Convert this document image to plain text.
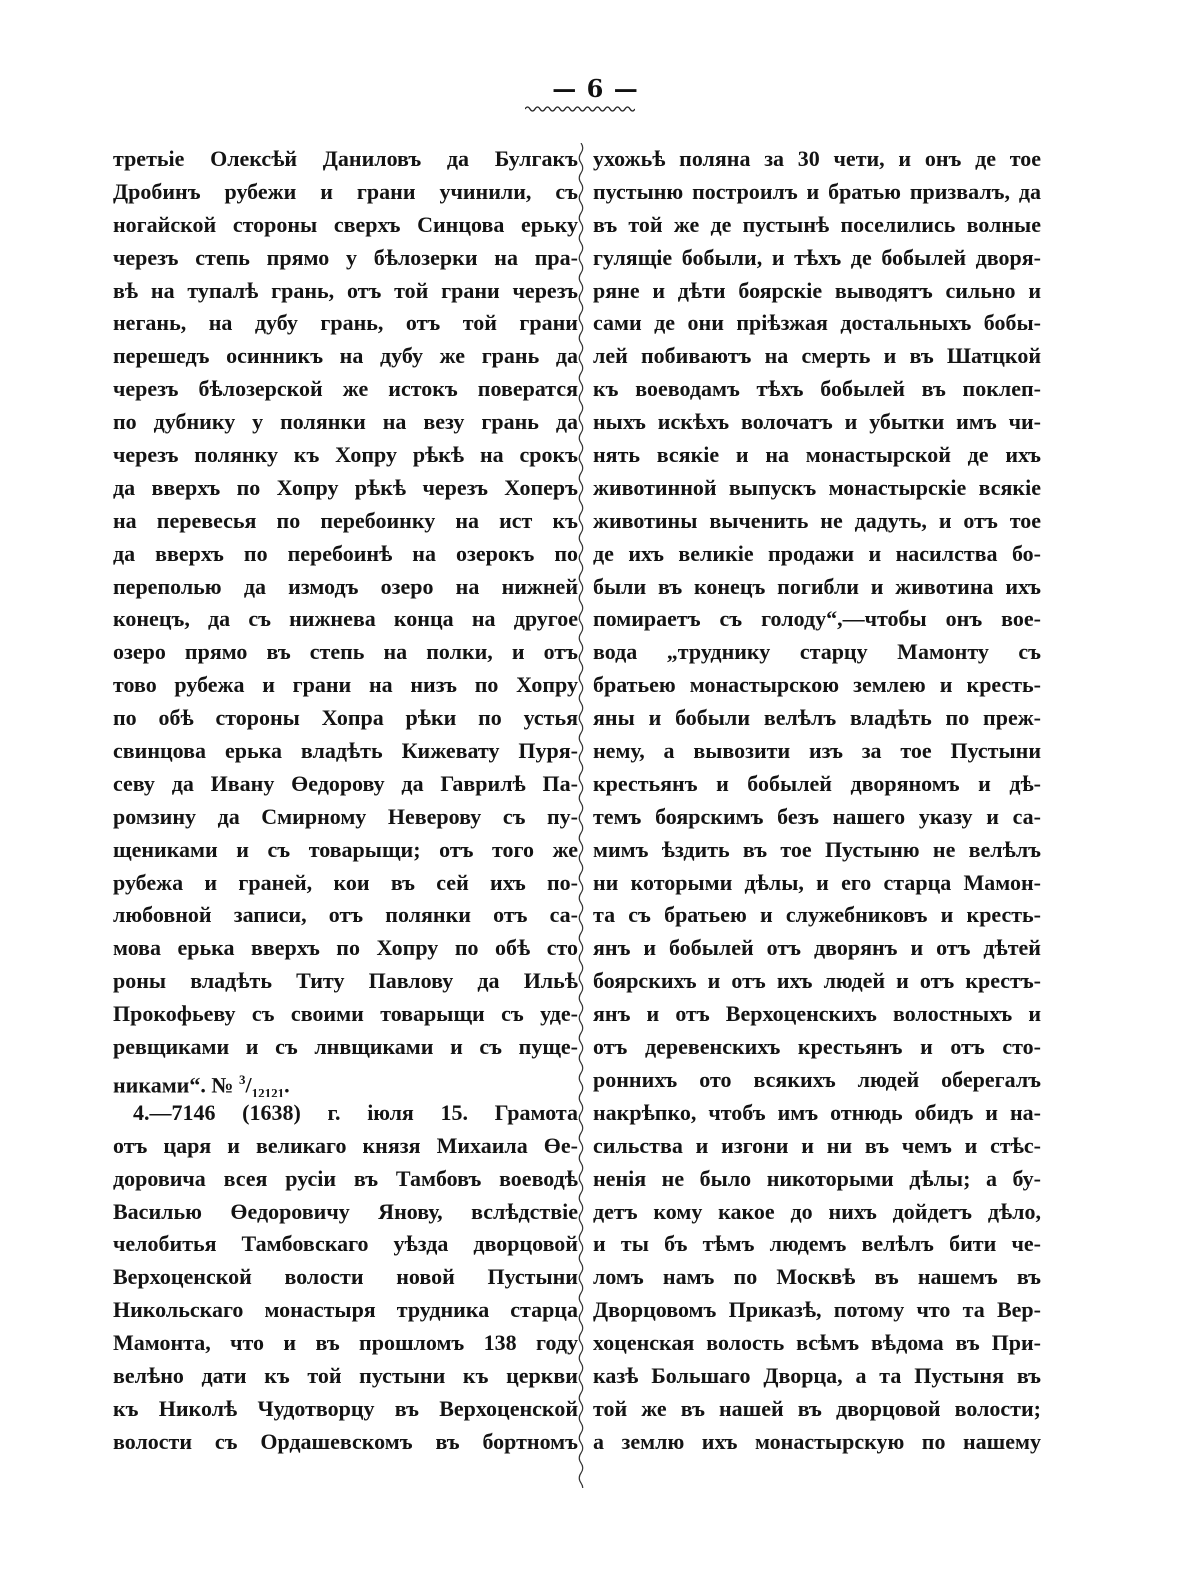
— 6 —
третьіе Олексѣй Даниловъ да Булгакъ
Дробинъ рубежи и грани учинили, съ
ногайской стороны сверхъ Синцова ерьку
черезъ степь прямо у бѣлозерки на пра-
вѣ на тупалѣ грань, отъ той грани черезъ
негань, на дубу грань, отъ той грани
перешедъ осинникъ на дубу же грань да
черезъ бѣлозерской же истокъ повератся
по дубнику у полянки на везу грань да
черезъ полянку къ Хопру рѣкѣ на срокъ
да вверхъ по Хопру рѣкѣ черезъ Хоперъ
на перевесья по перебоинку на ист къ
да вверхъ по перебоинѣ на озерокъ по
переполью да измодъ озеро на нижней
конецъ, да съ нижнева конца на другое
озеро прямо въ степь на полки, и отъ
тово рубежа и грани на низъ по Хопру
по обѣ стороны Хопра рѣки по устья
свинцова ерька владѣть Кижевату Пуря-
севу да Ивану Өедорову да Гаврилѣ Па-
ромзину да Смирному Неверову съ пу-
щениками и съ товарыщи; отъ того же
рубежа и граней, кои въ сей ихъ по-
любовной записи, отъ полянки отъ са-
мова ерька вверхъ по Хопру по обѣ сто
роны владѣть Титу Павлову да Ильѣ
Прокофьеву съ своими товарыщи съ уде-
ревщиками и съ лнвщиками и съ пуще-
никами“. № $^3/_{12121}$.
4.—7146 (1638) г. іюля 15. Грамота
отъ царя и великаго князя Михаила Өе-
доровича всея русіи въ Тамбовъ воеводѣ
Василью Өедоровичу Янову, вслѣдствіе
челобитья Тамбовскаго уѣзда дворцовой
Верхоценской волости новой Пустыни
Никольскаго монастыря трудника старца
Мамонта, что и въ прошломъ 138 году
велѣно дати къ той пустыни къ церкви
къ Николѣ Чудотворцу въ Верхоценской
волости съ Ордашевскомъ въ бортномъ
ухожьѣ поляна за 30 чети, и онъ де тое
пустыню построилъ и братью призвалъ, да
въ той же де пустынѣ поселились волные
гулящіе бобыли, и тѣхъ де бобылей дворя-
ряне и дѣти боярскіе выводятъ сильно и
сами де они пріѣзжая достальныхъ бобы-
лей побиваютъ на смерть и въ Шатцкой
къ воеводамъ тѣхъ бобылей въ поклеп-
ныхъ искѣхъ волочатъ и убытки имъ чи-
нять всякіе и на монастырской де ихъ
животинной выпускъ монастырскіе всякіе
животины выченить не дадуть, и отъ тое
де ихъ великіе продажи и насилства бо-
были въ конецъ погибли и животина ихъ
помираетъ съ голоду“,—чтобы онъ вое-
вода „труднику старцу Мамонту съ
братьею монастырскою землею и кресть-
яны и бобыли велѣлъ владѣть по преж-
нему, а вывозити изъ за тое Пустыни
крестьянъ и бобылей дворяномъ и дѣ-
темъ боярскимъ безъ нашего указу и са-
мимъ ѣздить въ тое Пустыню не велѣлъ
ни которыми дѣлы, и его старца Мамон-
та съ братьею и служебниковъ и кресть-
янъ и бобылей отъ дворянъ и отъ дѣтей
боярскихъ и отъ ихъ людей и отъ крестъ-
янъ и отъ Верхоценскихъ волостныхъ и
отъ деревенскихъ крестьянъ и отъ сто-
роннихъ ото всякихъ людей оберегалъ
накрѣпко, чтобъ имъ отнюдь обидъ и на-
сильства и изгони и ни въ чемъ и стѣс-
ненія не было никоторыми дѣлы; а бу-
детъ кому какое до нихъ дойдетъ дѣло,
и ты бъ тѣмъ людемъ велѣлъ бити че-
ломъ намъ по Москвѣ въ нашемъ въ
Дворцовомъ Приказѣ, потому что та Вер-
хоценская волость всѣмъ вѣдома въ При-
казѣ Большаго Дворца, а та Пустыня въ
той же въ нашей въ дворцовой волости;
а землю ихъ монастырскую по нашему
